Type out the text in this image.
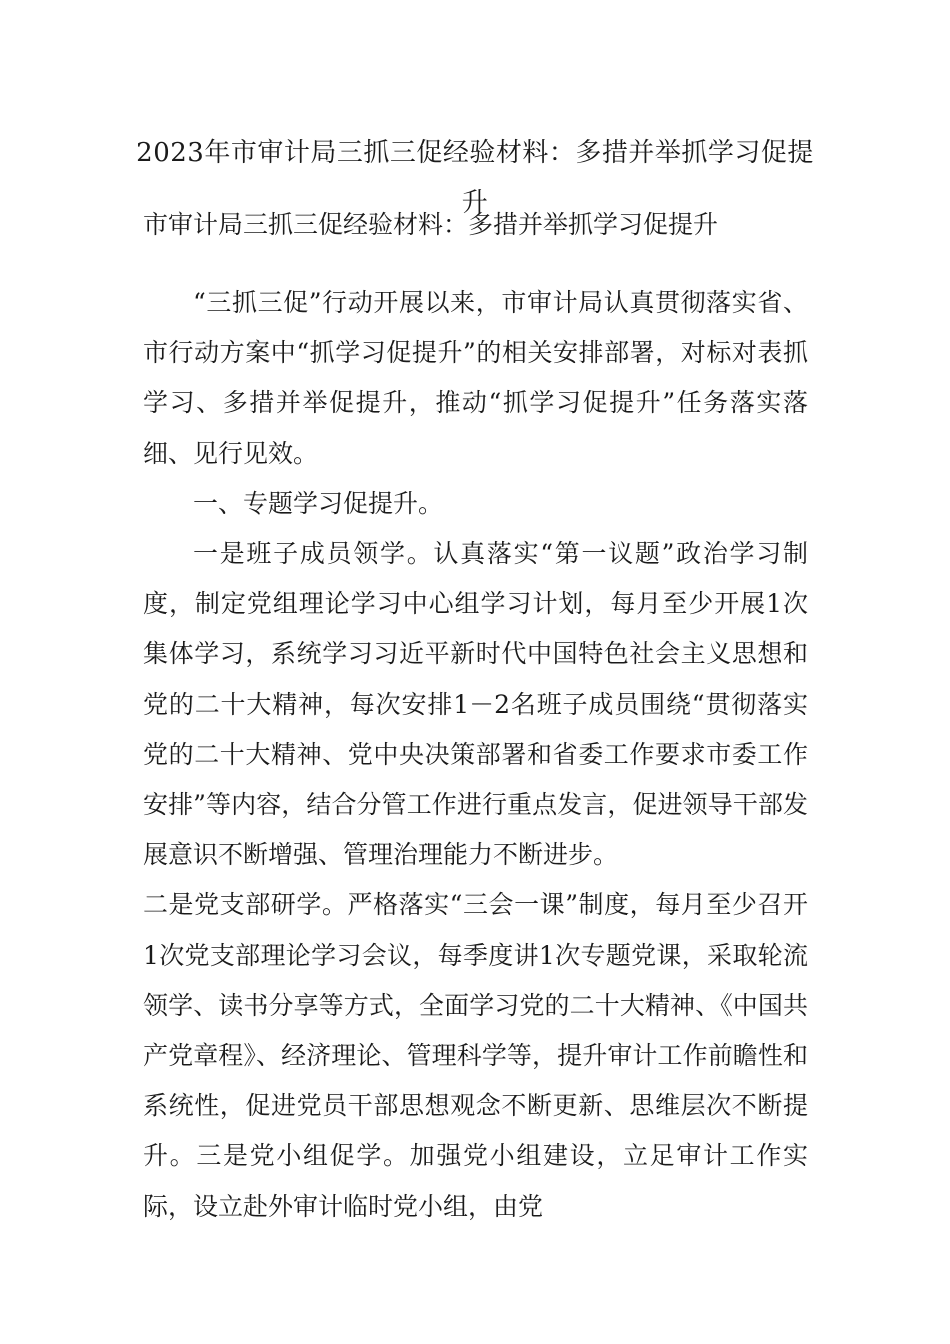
2023年市审计局三抓三促经验材料：多措并举抓学习促提升
市审计局三抓三促经验材料：多措并举抓学习促提升

“三抓三促”行动开展以来，市审计局认真贯彻落实省、市行动方案中“抓学习促提升”的相关安排部署，对标对表抓学习、多措并举促提升，推动“抓学习促提升”任务落实落细、见行见效。

一、专题学习促提升。

一是班子成员领学。认真落实“第一议题”政治学习制度，制定党组理论学习中心组学习计划，每月至少开展1次集体学习，系统学习习近平新时代中国特色社会主义思想和党的二十大精神，每次安排1－2名班子成员围绕“贯彻落实党的二十大精神、党中央决策部署和省委工作要求市委工作安排”等内容，结合分管工作进行重点发言，促进领导干部发展意识不断增强、管理治理能力不断进步。

二是党支部研学。严格落实“三会一课”制度，每月至少召开1次党支部理论学习会议，每季度讲1次专题党课，采取轮流领学、读书分享等方式，全面学习党的二十大精神、《中国共产党章程》、经济理论、管理科学等，提升审计工作前瞻性和系统性，促进党员干部思想观念不断更新、思维层次不断提升。三是党小组促学。加强党小组建设，立足审计工作实际，设立赴外审计临时党小组，由党
